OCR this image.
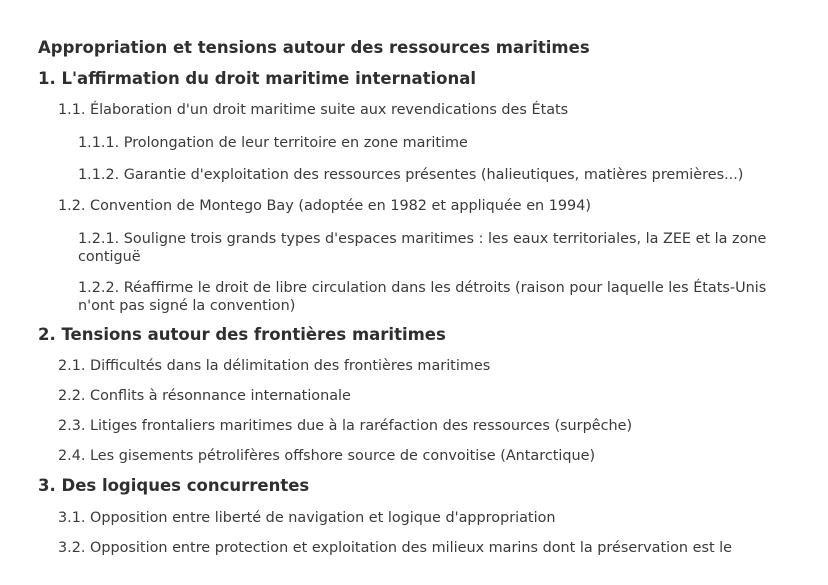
Appropriation et tensions autour des ressources maritimes
1. L'affirmation du droit maritime international
1.1. Élaboration d'un droit maritime suite aux revendications des États
1.1.1. Prolongation de leur territoire en zone maritime
1.1.2. Garantie d'exploitation des ressources présentes (halieutiques, matières premières...)
1.2. Convention de Montego Bay (adoptée en 1982 et appliquée en 1994)
1.2.1. Souligne trois grands types d'espaces maritimes : les eaux territoriales, la ZEE et la zone contiguë
1.2.2. Réaffirme le droit de libre circulation dans les détroits (raison pour laquelle les États-Unis n'ont pas signé la convention)
2. Tensions autour des frontières maritimes
2.1. Difficultés dans la délimitation des frontières maritimes
2.2. Conflits à résonnance internationale
2.3. Litiges frontaliers maritimes due à la raréfaction des ressources (surpêche)
2.4. Les gisements pétrolifères offshore source de convoitise (Antarctique)
3. Des logiques concurrentes
3.1. Opposition entre liberté de navigation et logique d'appropriation
3.2. Opposition entre protection et exploitation des milieux marins dont la préservation est le
